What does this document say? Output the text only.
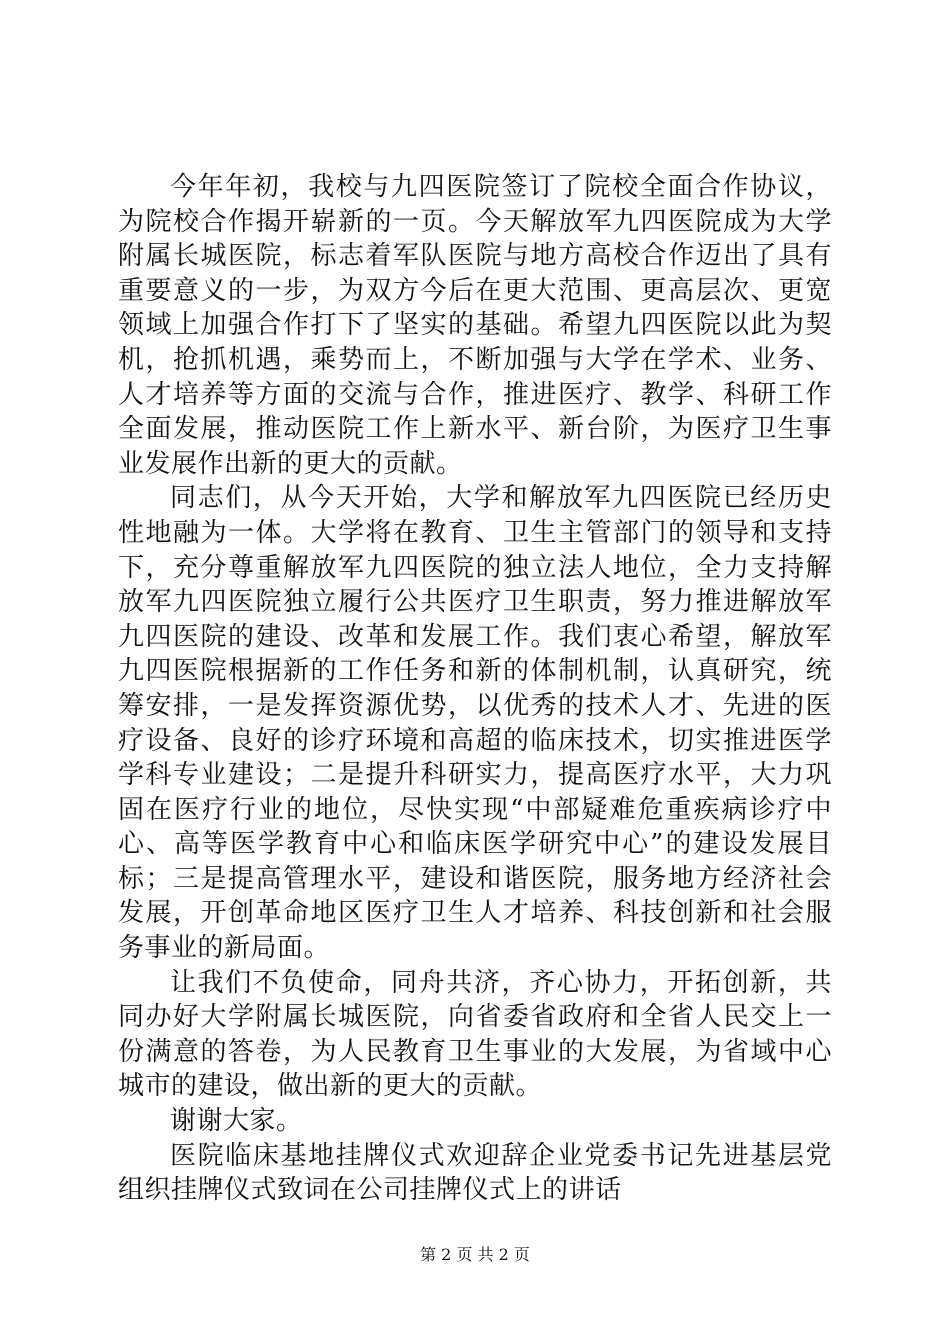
今年年初，我校与九四医院签订了院校全面合作协议，为院校合作揭开崭新的一页。今天解放军九四医院成为大学附属长城医院，标志着军队医院与地方高校合作迈出了具有重要意义的一步，为双方今后在更大范围、更高层次、更宽领域上加强合作打下了坚实的基础。希望九四医院以此为契机，抢抓机遇，乘势而上，不断加强与大学在学术、业务、人才培养等方面的交流与合作，推进医疗、教学、科研工作全面发展，推动医院工作上新水平、新台阶，为医疗卫生事业发展作出新的更大的贡献。

同志们，从今天开始，大学和解放军九四医院已经历史性地融为一体。大学将在教育、卫生主管部门的领导和支持下，充分尊重解放军九四医院的独立法人地位，全力支持解放军九四医院独立履行公共医疗卫生职责，努力推进解放军九四医院的建设、改革和发展工作。我们衷心希望，解放军九四医院根据新的工作任务和新的体制机制，认真研究，统筹安排，一是发挥资源优势，以优秀的技术人才、先进的医疗设备、良好的诊疗环境和高超的临床技术，切实推进医学学科专业建设；二是提升科研实力，提高医疗水平，大力巩固在医疗行业的地位，尽快实现“中部疑难危重疾病诊疗中心、高等医学教育中心和临床医学研究中心”的建设发展目标；三是提高管理水平，建设和谐医院，服务地方经济社会发展，开创革命地区医疗卫生人才培养、科技创新和社会服务事业的新局面。

让我们不负使命，同舟共济，齐心协力，开拓创新，共同办好大学附属长城医院，向省委省政府和全省人民交上一份满意的答卷，为人民教育卫生事业的大发展，为省域中心城市的建设，做出新的更大的贡献。

谢谢大家。

医院临床基地挂牌仪式欢迎辞企业党委书记先进基层党组织挂牌仪式致词在公司挂牌仪式上的讲话

第 2 页 共 2 页
